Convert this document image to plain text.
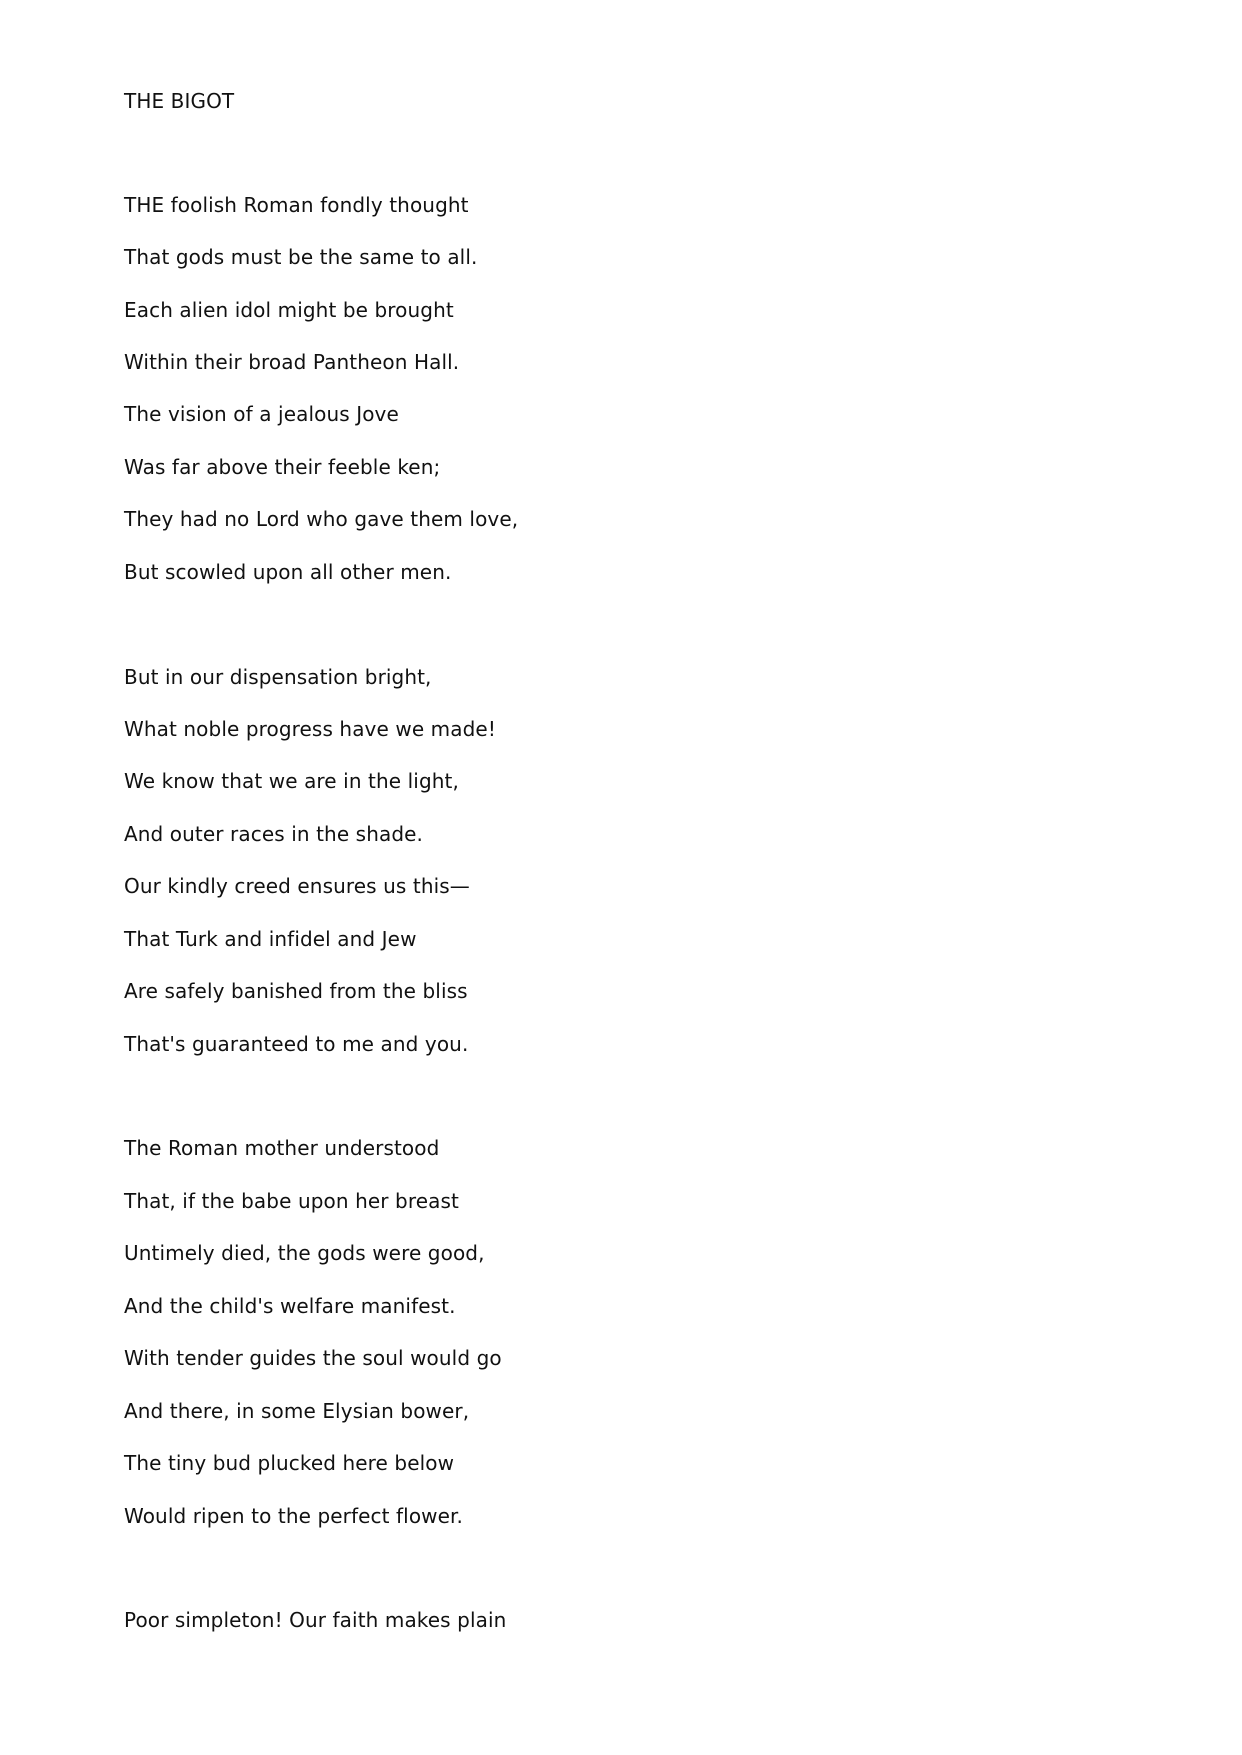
THE BIGOT
THE foolish Roman fondly thought
That gods must be the same to all.
Each alien idol might be brought
Within their broad Pantheon Hall.
The vision of a jealous Jove
Was far above their feeble ken;
They had no Lord who gave them love,
But scowled upon all other men.
But in our dispensation bright,
What noble progress have we made!
We know that we are in the light,
And outer races in the shade.
Our kindly creed ensures us this—
That Turk and infidel and Jew
Are safely banished from the bliss
That's guaranteed to me and you.
The Roman mother understood
That, if the babe upon her breast
Untimely died, the gods were good,
And the child's welfare manifest.
With tender guides the soul would go
And there, in some Elysian bower,
The tiny bud plucked here below
Would ripen to the perfect flower.
Poor simpleton! Our faith makes plain
